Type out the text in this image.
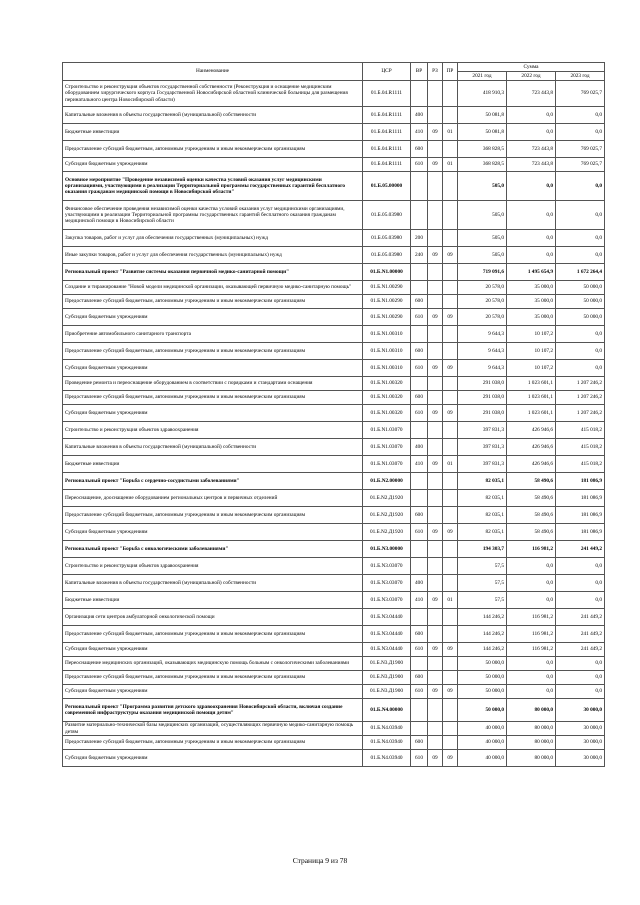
Наименование	ЦСР	ВР	РЗ	ПР	Сумма		
					2021 год	2022 год	2023 год
Строительство и реконструкция объектов государственной собственности (Реконструкция и оснащение медицинским оборудованием хирургического корпуса Государственной Новосибирской областной клинической больницы для размещения перинатального центра Новосибирской области)	01.Б.04.R1111				418 910,3	723 443,8	769 025,7
Капитальные вложения в объекты государственной (муниципальной) собственности	01.Б.04.R1111	400			50 081,8	0,0	0,0
Бюджетные инвестиции	01.Б.04.R1111	410	09	01	50 081,8	0,0	0,0
Предоставление субсидий бюджетным, автономным учреждениям и иным некоммерческим организациям	01.Б.04.R1111	600			368 828,5	723 443,8	769 025,7
Субсидии бюджетным учреждениям	01.Б.04.R1111	610	09	01	368 828,5	723 443,8	769 025,7
Основное мероприятие "Проведение независимой оценки качества условий оказания услуг медицинскими организациями, участвующими в реализации Территориальной программы государственных гарантий бесплатного оказания гражданам медицинской помощи в Новосибирской области"	01.Б.05.00000				505,0	0,0	0,0
Финансовое обеспечение проведения независимой оценки качества условий оказания услуг медицинскими организациями, участвующими в реализации Территориальной программы государственных гарантий бесплатного оказания гражданам медицинской помощи в Новосибирской области	01.Б.05.03980				505,0	0,0	0,0
Закупка товаров, работ и услуг для обеспечения государственных (муниципальных) нужд	01.Б.05.03980	200			505,0	0,0	0,0
Иные закупки товаров, работ и услуг для обеспечения государственных (муниципальных) нужд	01.Б.05.03980	240	09	09	505,0	0,0	0,0
Региональный проект "Развитие системы оказания первичной медико-санитарной помощи"	01.Б.N1.00000				719 091,6	1 495 654,9	1 672 264,4
Создание и тиражирование "Новой модели медицинской организации, оказывающей первичную медико-санитарную помощь"	01.Б.N1.00290				20 578,0	35 000,0	50 000,0
Предоставление субсидий бюджетным, автономным учреждениям и иным некоммерческим организациям	01.Б.N1.00290	600			20 578,0	35 000,0	50 000,0
Субсидии бюджетным учреждениям	01.Б.N1.00290	610	09	09	20 578,0	35 000,0	50 000,0
Приобретение автомобильного санитарного транспорта	01.Б.N1.00310				9 644,3	10 107,2	0,0
Предоставление субсидий бюджетным, автономным учреждениям и иным некоммерческим организациям	01.Б.N1.00310	600			9 644,3	10 107,2	0,0
Субсидии бюджетным учреждениям	01.Б.N1.00310	610	09	09	9 644,3	10 107,2	0,0
Проведение ремонта и переоснащение оборудованием в соответствии с порядками и стандартами оснащения	01.Б.N1.00320				291 038,0	1 023 601,1	1 207 246,2
Предоставление субсидий бюджетным, автономным учреждениям и иным некоммерческим организациям	01.Б.N1.00320	600			291 038,0	1 023 601,1	1 207 246,2
Субсидии бюджетным учреждениям	01.Б.N1.00320	610	09	09	291 038,0	1 023 601,1	1 207 246,2
Строительство и реконструкция объектов здравоохранения	01.Б.N1.03070				397 831,3	426 946,6	415 018,2
Капитальные вложения в объекты государственной (муниципальной) собственности	01.Б.N1.03070	400			397 831,3	426 946,6	415 018,2
Бюджетные инвестиции	01.Б.N1.03070	410	09	01	397 831,3	426 946,6	415 018,2
Региональный проект "Борьба с сердечно-сосудистыми заболеваниями"	01.Б.N2.00000				82 035,1	58 490,6	181 086,9
Переоснащение, дооснащение оборудованием региональных центров и первичных отделений	01.Б.N2.Д1920				82 035,1	58 490,6	181 086,9
Предоставление субсидий бюджетным, автономным учреждениям и иным некоммерческим организациям	01.Б.N2.Д1920	600			82 035,1	58 490,6	181 086,9
Субсидии бюджетным учреждениям	01.Б.N2.Д1920	610	09	09	82 035,1	58 490,6	181 086,9
Региональный проект "Борьба с онкологическими заболеваниями"	01.Б.N3.00000				194 303,7	116 981,2	241 449,2
Строительство и реконструкция объектов здравоохранения	01.Б.N3.03070				57,5	0,0	0,0
Капитальные вложения в объекты государственной (муниципальной) собственности	01.Б.N3.03070	400			57,5	0,0	0,0
Бюджетные инвестиции	01.Б.N3.03070	410	09	01	57,5	0,0	0,0
Организация сети центров амбулаторной онкологической помощи	01.Б.N3.04440				144 246,2	116 981,2	241 449,2
Предоставление субсидий бюджетным, автономным учреждениям и иным некоммерческим организациям	01.Б.N3.04440	600			144 246,2	116 981,2	241 449,2
Субсидии бюджетным учреждениям	01.Б.N3.04440	610	09	09	144 246,2	116 981,2	241 449,2
Переоснащение медицинских организаций, оказывающих медицинскую помощь больным с онкологическими заболеваниями	01.Б.N3.Д1900				50 000,0	0,0	0,0
Предоставление субсидий бюджетным, автономным учреждениям и иным некоммерческим организациям	01.Б.N3.Д1900	600			50 000,0	0,0	0,0
Субсидии бюджетным учреждениям	01.Б.N3.Д1900	610	09	09	50 000,0	0,0	0,0
Региональный проект "Программа развития детского здравоохранения Новосибирской области, включая создание современной инфраструктуры оказания медицинской помощи детям"	01.Б.N4.00000				50 000,0	80 000,0	30 000,0
Развитие материально-технической базы медицинских организаций, осуществляющих первичную медико-санитарную помощь детям	01.Б.N4.03940				40 000,0	80 000,0	30 000,0
Предоставление субсидий бюджетным, автономным учреждениям и иным некоммерческим организациям	01.Б.N4.03940	600			40 000,0	80 000,0	30 000,0
Субсидии бюджетным учреждениям	01.Б.N4.03940	610	09	09	40 000,0	80 000,0	30 000,0
Страница 9 из 78
